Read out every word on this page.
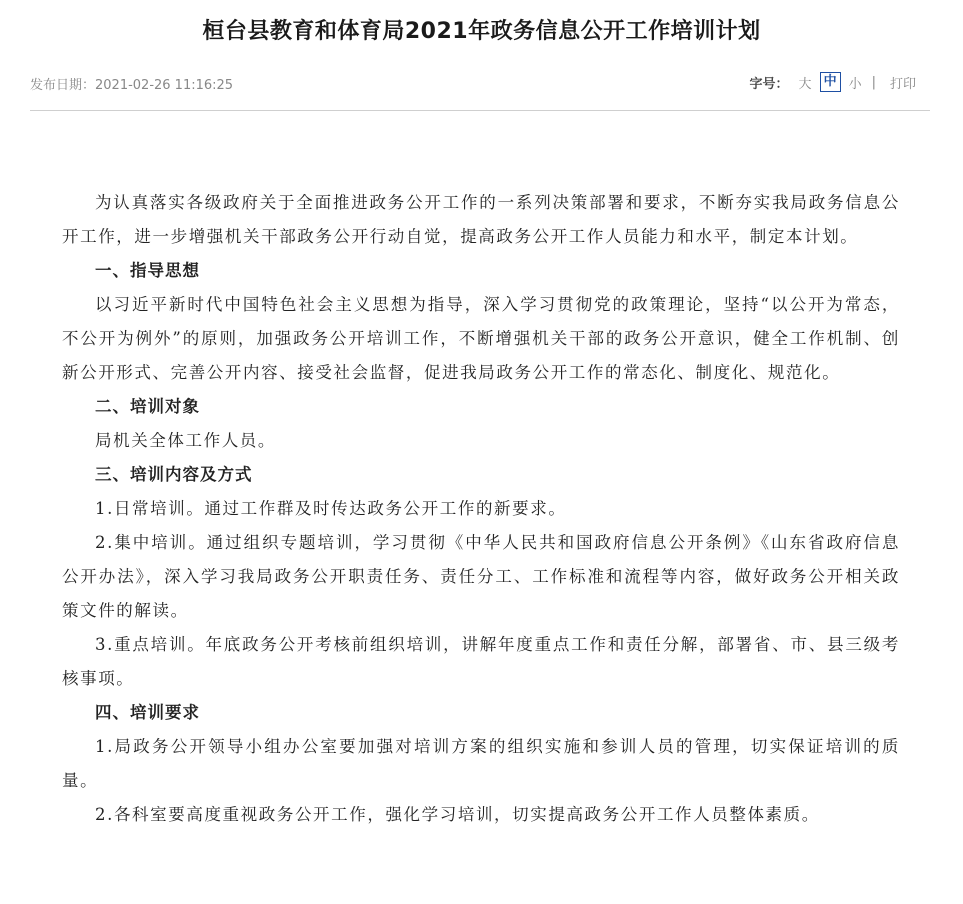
桓台县教育和体育局2021年政务信息公开工作培训计划
发布日期：2021-02-26 11:16:25	字号： 大 中 小 | 打印

为认真落实各级政府关于全面推进政务公开工作的一系列决策部署和要求，不断夯实我局政务信息公开工作，进一步增强机关干部政务公开行动自觉，提高政务公开工作人员能力和水平，制定本计划。

一、指导思想

以习近平新时代中国特色社会主义思想为指导，深入学习贯彻党的政策理论，坚持“以公开为常态，不公开为例外”的原则，加强政务公开培训工作，不断增强机关干部的政务公开意识，健全工作机制、创新公开形式、完善公开内容、接受社会监督，促进我局政务公开工作的常态化、制度化、规范化。

二、培训对象

局机关全体工作人员。

三、培训内容及方式

1.日常培训。通过工作群及时传达政务公开工作的新要求。

2.集中培训。通过组织专题培训，学习贯彻《中华人民共和国政府信息公开条例》《山东省政府信息公开办法》，深入学习我局政务公开职责任务、责任分工、工作标准和流程等内容，做好政务公开相关政策文件的解读。

3.重点培训。年底政务公开考核前组织培训，讲解年度重点工作和责任分解，部署省、市、县三级考核事项。

四、培训要求

1.局政务公开领导小组办公室要加强对培训方案的组织实施和参训人员的管理，切实保证培训的质量。

2.各科室要高度重视政务公开工作，强化学习培训，切实提高政务公开工作人员整体素质。
